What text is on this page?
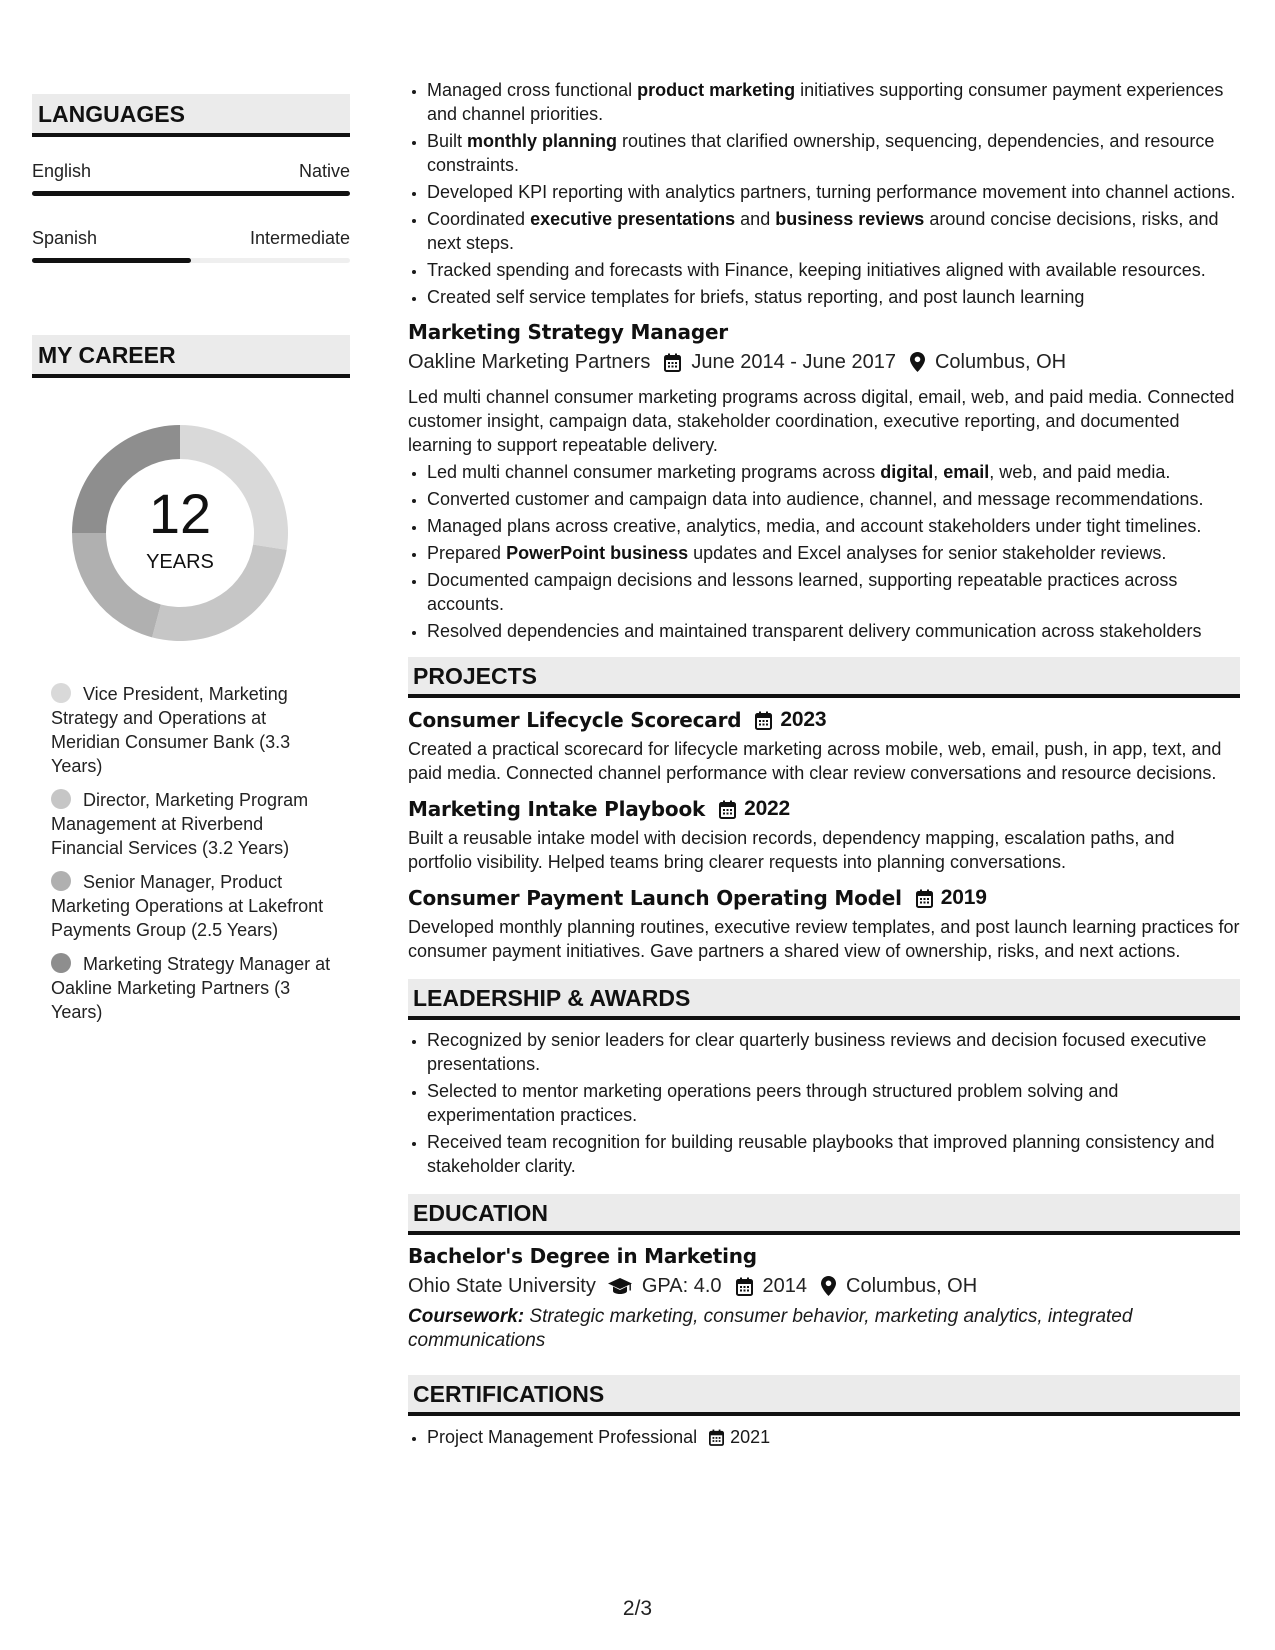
LANGUAGES
English	Native
Spanish	Intermediate
MY CAREER
12
YEARS
Vice President, Marketing Strategy and Operations at Meridian Consumer Bank (3.3 Years)
Director, Marketing Program Management at Riverbend Financial Services (3.2 Years)
Senior Manager, Product Marketing Operations at Lakefront Payments Group (2.5 Years)
Marketing Strategy Manager at Oakline Marketing Partners (3 Years)
• Managed cross functional product marketing initiatives supporting consumer payment experiences and channel priorities.
• Built monthly planning routines that clarified ownership, sequencing, dependencies, and resource constraints.
• Developed KPI reporting with analytics partners, turning performance movement into channel actions.
• Coordinated executive presentations and business reviews around concise decisions, risks, and next steps.
• Tracked spending and forecasts with Finance, keeping initiatives aligned with available resources.
• Created self service templates for briefs, status reporting, and post launch learning
Marketing Strategy Manager
Oakline Marketing Partners June 2014 - June 2017 Columbus, OH
Led multi channel consumer marketing programs across digital, email, web, and paid media. Connected customer insight, campaign data, stakeholder coordination, executive reporting, and documented learning to support repeatable delivery.
• Led multi channel consumer marketing programs across digital, email, web, and paid media.
• Converted customer and campaign data into audience, channel, and message recommendations.
• Managed plans across creative, analytics, media, and account stakeholders under tight timelines.
• Prepared PowerPoint business updates and Excel analyses for senior stakeholder reviews.
• Documented campaign decisions and lessons learned, supporting repeatable practices across accounts.
• Resolved dependencies and maintained transparent delivery communication across stakeholders
PROJECTS
Consumer Lifecycle Scorecard 2023
Created a practical scorecard for lifecycle marketing across mobile, web, email, push, in app, text, and paid media. Connected channel performance with clear review conversations and resource decisions.
Marketing Intake Playbook 2022
Built a reusable intake model with decision records, dependency mapping, escalation paths, and portfolio visibility. Helped teams bring clearer requests into planning conversations.
Consumer Payment Launch Operating Model 2019
Developed monthly planning routines, executive review templates, and post launch learning practices for consumer payment initiatives. Gave partners a shared view of ownership, risks, and next actions.
LEADERSHIP & AWARDS
• Recognized by senior leaders for clear quarterly business reviews and decision focused executive presentations.
• Selected to mentor marketing operations peers through structured problem solving and experimentation practices.
• Received team recognition for building reusable playbooks that improved planning consistency and stakeholder clarity.
EDUCATION
Bachelor's Degree in Marketing
Ohio State University GPA: 4.0 2014 Columbus, OH
Coursework: Strategic marketing, consumer behavior, marketing analytics, integrated communications
CERTIFICATIONS
• Project Management Professional 2021
2/3
